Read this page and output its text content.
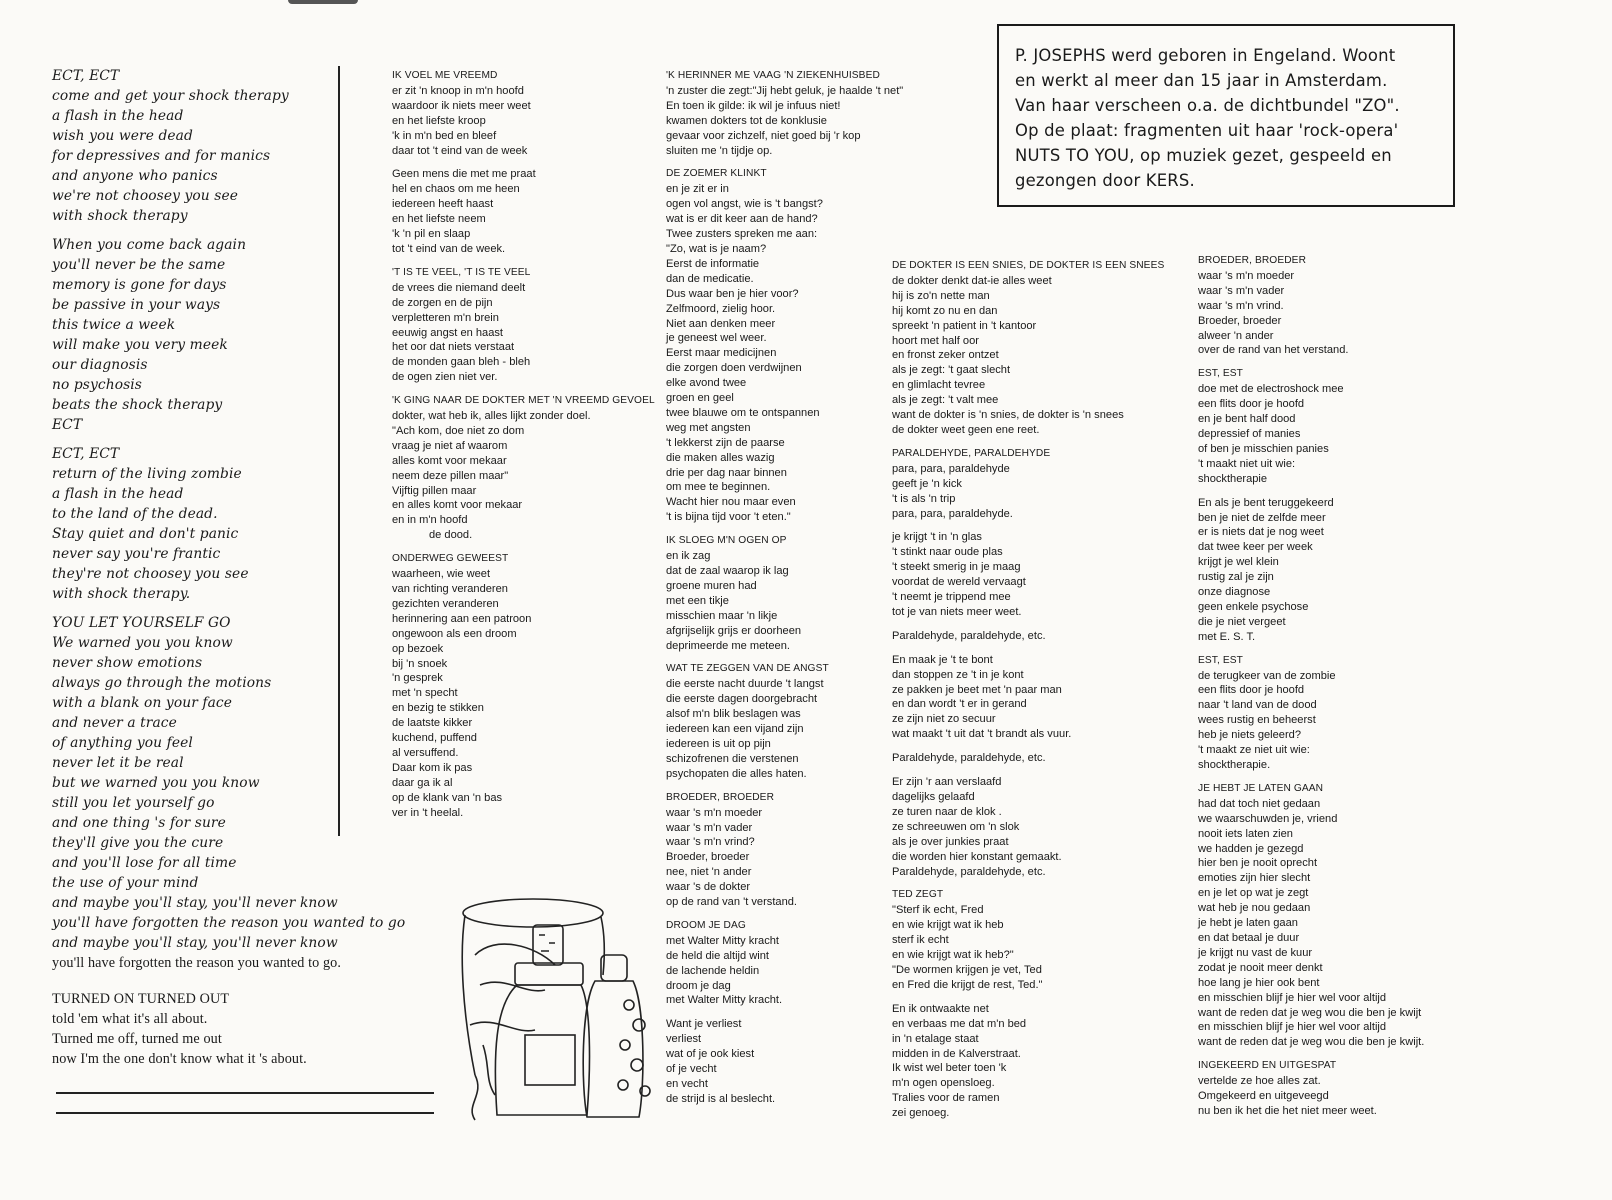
P. JOSEPHS werd geboren in Engeland. Woont
en werkt al meer dan 15 jaar in Amsterdam.
Van haar verscheen o.a. de dichtbundel "ZO".
Op de plaat: fragmenten uit haar 'rock-opera'
NUTS TO YOU, op muziek gezet, gespeeld en
gezongen door KERS.
ECT, ECT
come and get your shock therapy
a flash in the head
wish you were dead
for depressives and for manics
and anyone who panics
we're not choosey you see
with shock therapy
When you come back again
you'll never be the same
memory is gone for days
be passive in your ways
this twice a week
will make you very meek
our diagnosis
no psychosis
beats the shock therapy
ECT
ECT, ECT
return of the living zombie
a flash in the head
to the land of the dead.
Stay quiet and don't panic
never say you're frantic
they're not choosey you see
with shock therapy.
YOU LET YOURSELF GO
We warned you you know
never show emotions
always go through the motions
with a blank on your face
and never a trace
of anything you feel
never let it be real
but we warned you you know
still you let yourself go
and one thing 's for sure
they'll give you the cure
and you'll lose for all time
the use of your mind
and maybe you'll stay, you'll never know
you'll have forgotten the reason you wanted to go
and maybe you'll stay, you'll never know
you'll have forgotten the reason you wanted to go.
TURNED ON TURNED OUT
told 'em what it's all about.
Turned me off, turned me out
now I'm the one don't know what it 's about.
IK VOEL ME VREEMD
er zit 'n knoop in m'n hoofd
waardoor ik niets meer weet
en het liefste kroop
'k in m'n bed en bleef
daar tot 't eind van de week
Geen mens die met me praat
hel en chaos om me heen
iedereen heeft haast
en het liefste neem
'k 'n pil en slaap
tot 't eind van de week.
'T IS TE VEEL, 'T IS TE VEEL
de vrees die niemand deelt
de zorgen en de pijn
verpletteren m'n brein
eeuwig angst en haast
het oor dat niets verstaat
de monden gaan bleh - bleh
de ogen zien niet ver.
'K GING NAAR DE DOKTER MET 'N VREEMD GEVOEL
dokter, wat heb ik, alles lijkt zonder doel.
"Ach kom, doe niet zo dom
vraag je niet af waarom
alles komt voor mekaar
neem deze pillen maar"
Vijftig pillen maar
en alles komt voor mekaar
en in m'n hoofd
de dood.
ONDERWEG GEWEEST
waarheen, wie weet
van richting veranderen
gezichten veranderen
herinnering aan een patroon
ongewoon als een droom
op bezoek
bij 'n snoek
'n gesprek
met 'n specht
en bezig te stikken
de laatste kikker
kuchend, puffend
al versuffend.
Daar kom ik pas
daar ga ik al
op de klank van 'n bas
ver in 't heelal.
'K HERINNER ME VAAG 'N ZIEKENHUISBED
'n zuster die zegt:"Jij hebt geluk, je haalde 't net"
En toen ik gilde: ik wil je infuus niet!
kwamen dokters tot de konklusie
gevaar voor zichzelf, niet goed bij 'r kop
sluiten me 'n tijdje op.
DE ZOEMER KLINKT
en je zit er in
ogen vol angst, wie is 't bangst?
wat is er dit keer aan de hand?
Twee zusters spreken me aan:
"Zo, wat is je naam?
Eerst de informatie
dan de medicatie.
Dus waar ben je hier voor?
Zelfmoord, zielig hoor.
Niet aan denken meer
je geneest wel weer.
Eerst maar medicijnen
die zorgen doen verdwijnen
elke avond twee
groen en geel
twee blauwe om te ontspannen
weg met angsten
't lekkerst zijn de paarse
die maken alles wazig
drie per dag naar binnen
om mee te beginnen.
Wacht hier nou maar even
't is bijna tijd voor 't eten."
IK SLOEG M'N OGEN OP
en ik zag
dat de zaal waarop ik lag
groene muren had
met een tikje
misschien maar 'n likje
afgrijselijk grijs er doorheen
deprimeerde me meteen.
WAT TE ZEGGEN VAN DE ANGST
die eerste nacht duurde 't langst
die eerste dagen doorgebracht
alsof m'n blik beslagen was
iedereen kan een vijand zijn
iedereen is uit op pijn
schizofrenen die verstenen
psychopaten die alles haten.
BROEDER, BROEDER
waar 's m'n moeder
waar 's m'n vader
waar 's m'n vrind?
Broeder, broeder
nee, niet 'n ander
waar 's de dokter
op de rand van 't verstand.
DROOM JE DAG
met Walter Mitty kracht
de held die altijd wint
de lachende heldin
droom je dag
met Walter Mitty kracht.
Want je verliest
verliest
wat of je ook kiest
of je vecht
en vecht
de strijd is al beslecht.
DE DOKTER IS EEN SNIES, DE DOKTER IS EEN SNEES
de dokter denkt dat-ie alles weet
hij is zo'n nette man
hij komt zo nu en dan
spreekt 'n patient in 't kantoor
hoort met half oor
en fronst zeker ontzet
als je zegt: 't gaat slecht
en glimlacht tevree
als je zegt: 't valt mee
want de dokter is 'n snies, de dokter is 'n snees
de dokter weet geen ene reet.
PARALDEHYDE, PARALDEHYDE
para, para, paraldehyde
geeft je 'n kick
't is als 'n trip
para, para, paraldehyde.
je krijgt 't in 'n glas
't stinkt naar oude plas
't steekt smerig in je maag
voordat de wereld vervaagt
't neemt je trippend mee
tot je van niets meer weet.
Paraldehyde, paraldehyde, etc.
En maak je 't te bont
dan stoppen ze 't in je kont
ze pakken je beet met 'n paar man
en dan wordt 't er in gerand
ze zijn niet zo secuur
wat maakt 't uit dat 't brandt als vuur.
Paraldehyde, paraldehyde, etc.
Er zijn 'r aan verslaafd
dagelijks gelaafd
ze turen naar de klok .
ze schreeuwen om 'n slok
als je over junkies praat
die worden hier konstant gemaakt.
Paraldehyde, paraldehyde, etc.
TED ZEGT
"Sterf ik echt, Fred
en wie krijgt wat ik heb
sterf ik echt
en wie krijgt wat ik heb?"
"De wormen krijgen je vet, Ted
en Fred die krijgt de rest, Ted."
En ik ontwaakte net
en verbaas me dat m'n bed
in 'n etalage staat
midden in de Kalverstraat.
Ik wist wel beter toen 'k
m'n ogen opensloeg.
Tralies voor de ramen
zei genoeg.
BROEDER, BROEDER
waar 's m'n moeder
waar 's m'n vader
waar 's m'n vrind.
Broeder, broeder
alweer 'n ander
over de rand van het verstand.
EST, EST
doe met de electroshock mee
een flits door je hoofd
en je bent half dood
depressief of manies
of ben je misschien panies
't maakt niet uit wie:
shocktherapie
En als je bent teruggekeerd
ben je niet de zelfde meer
er is niets dat je nog weet
dat twee keer per week
krijgt je wel klein
rustig zal je zijn
onze diagnose
geen enkele psychose
die je niet vergeet
met E. S. T.
EST, EST
de terugkeer van de zombie
een flits door je hoofd
naar 't land van de dood
wees rustig en beheerst
heb je niets geleerd?
't maakt ze niet uit wie:
shocktherapie.
JE HEBT JE LATEN GAAN
had dat toch niet gedaan
we waarschuwden je, vriend
nooit iets laten zien
we hadden je gezegd
hier ben je nooit oprecht
emoties zijn hier slecht
en je let op wat je zegt
wat heb je nou gedaan
je hebt je laten gaan
en dat betaal je duur
je krijgt nu vast de kuur
zodat je nooit meer denkt
hoe lang je hier ook bent
en misschien blijf je hier wel voor altijd
want de reden dat je weg wou die ben je kwijt
en misschien blijf je hier wel voor altijd
want de reden dat je weg wou die ben je kwijt.
INGEKEERD EN UITGESPAT
vertelde ze hoe alles zat.
Omgekeerd en uitgeveegd
nu ben ik het die het niet meer weet.
